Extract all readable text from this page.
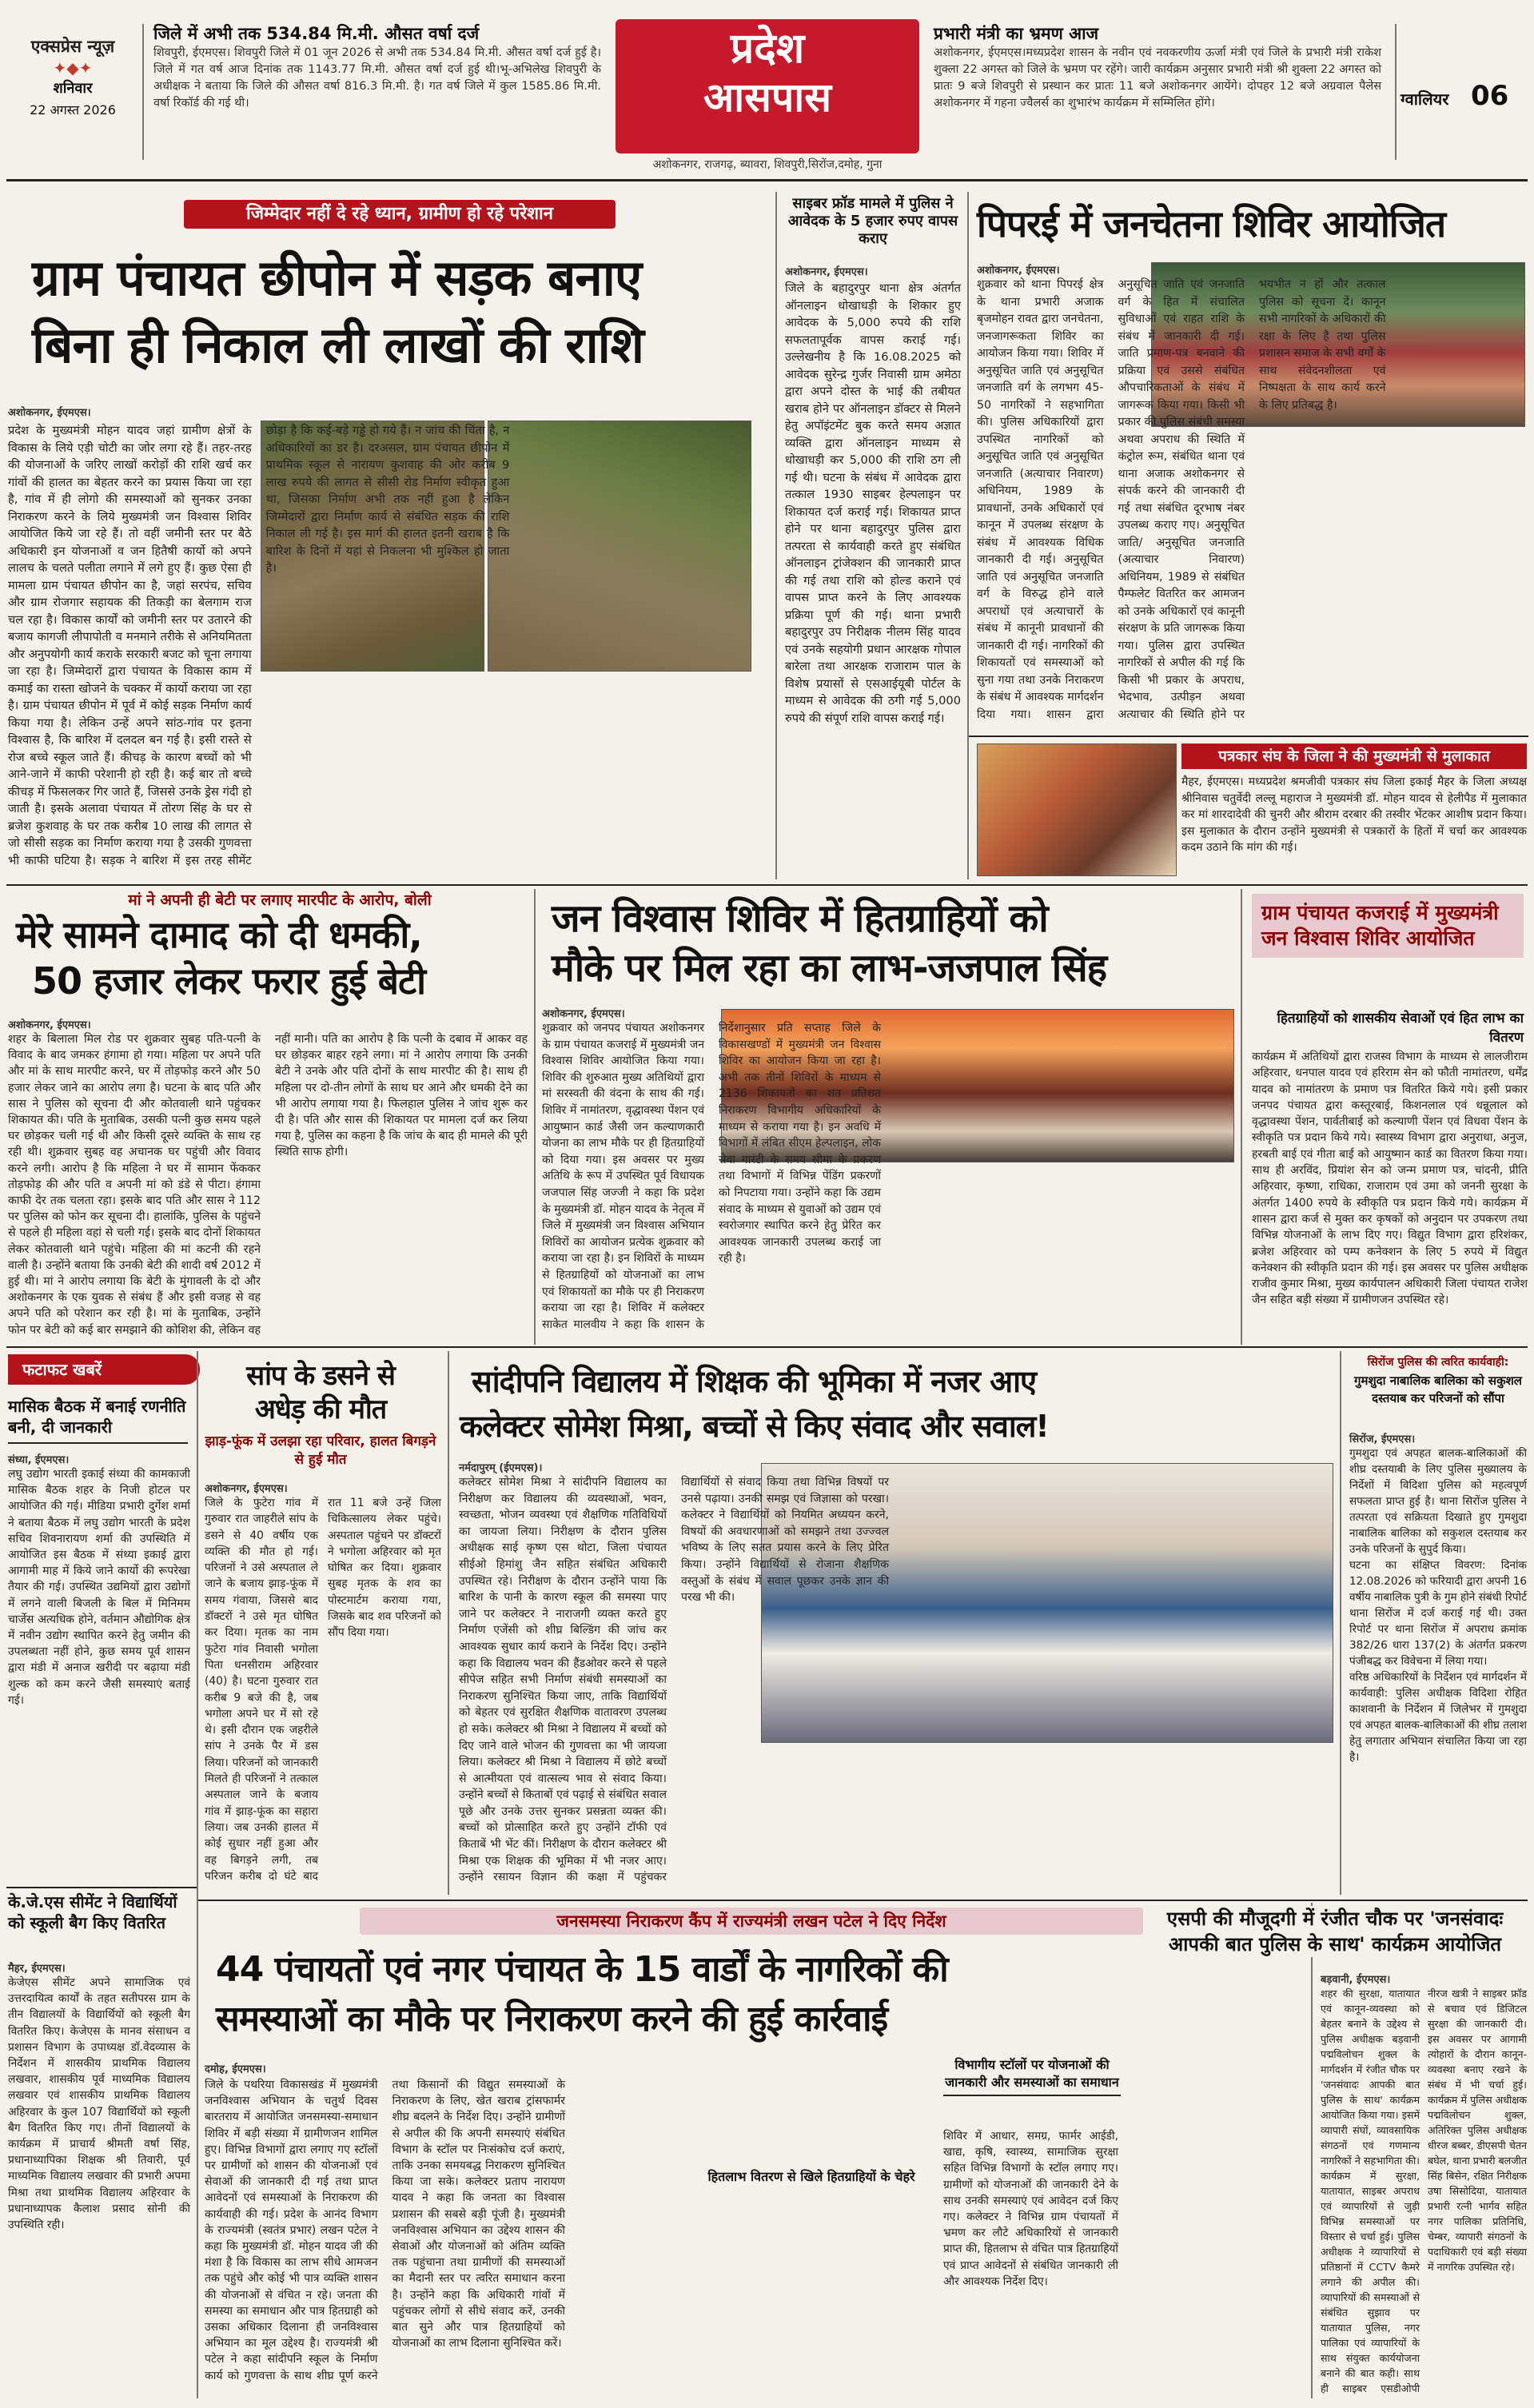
एक्सप्रेस न्यूज़
✦◆✦
शनिवार
22 अगस्त 2026
जिले में अभी तक 534.84 मि.मी. औसत वर्षा दर्ज

शिवपुरी, ईएमएस। शिवपुरी जिले में 01 जून 2026 से अभी तक 534.84 मि.मी. औसत वर्षा दर्ज हुई है। जिले में गत वर्ष आज दिनांक तक 1143.77 मि.मी. औसत वर्षा दर्ज हुई थी।भू-अभिलेख शिवपुरी के अधीक्षक ने बताया कि जिले की औसत वर्षा 816.3 मि.मी. है। गत वर्ष जिले में कुल 1585.86 मि.मी. वर्षा रिकॉर्ड की गई थी।

प्रदेश
आसपास
अशोकनगर, राजगढ़, ब्यावरा, शिवपुरी,सिरोंज,दमोह, गुना
प्रभारी मंत्री का भ्रमण आज

अशोकनगर, ईएमएस।मध्यप्रदेश शासन के नवीन एवं नवकरणीय ऊर्जा मंत्री एवं जिले के प्रभारी मंत्री राकेश शुक्ला 22 अगस्त को जिले के भ्रमण पर रहेंगे। जारी कार्यक्रम अनुसार प्रभारी मंत्री श्री शुक्ला 22 अगस्त को प्रातः 9 बजे शिवपुरी से प्रस्थान कर प्रातः 11 बजे अशोकनगर आयेंगे। दोपहर 12 बजे अग्रवाल पैलेस अशोकनगर में गहना ज्वैलर्स का शुभारंभ कार्यक्रम में सम्मिलित होंगे।	ग्वालियर 06
जिम्मेदार नहीं दे रहे ध्यान, ग्रामीण हो रहे परेशान
ग्राम पंचायत छीपोन में सड़क बनाए
बिना ही निकाल ली लाखों की राशि
अशोकनगर, ईएमएस।

प्रदेश के मुख्यमंत्री मोहन यादव जहां ग्रामीण क्षेत्रों के विकास के लिये एड़ी चोटी का जोर लगा रहे हैं। तहर-तरह की योजनाओं के जरिए लाखों करोड़ों की राशि खर्च कर गांवों की हालत का बेहतर करने का प्रयास किया जा रहा है, गांव में ही लोगो की समस्याओं को सुनकर उनका निराकरण करने के लिये मुख्यमंत्री जन विश्वास शिविर आयोजित किये जा रहे हैं। तो वहीं जमीनी स्तर पर बैठे अधिकारी इन योजनाओं व जन हितैषी कार्यो को अपने लालच के चलते पलीता लगाने में लगे हुए हैं। कुछ ऐसा ही मामला ग्राम पंचायत छीपोन का है, जहां सरपंच, सचिव और ग्राम रोजगार सहायक की तिकड़ी का बेलगाम राज चल रहा है। विकास कार्यों को जमीनी स्तर पर उतारने की बजाय कागजी लीपापोती व मनमाने तरीके से अनियमितता और अनुपयोगी कार्य कराके सरकारी बजट को चूना लगाया जा रहा है। जिम्मेदारों द्वारा पंचायत के विकास काम में कमाई का रास्ता खोजने के चक्कर में कार्यो कराया जा रहा है। ग्राम पंचायत छीपोन में पूर्व में कोई सड़क निर्माण कार्य किया गया है। लेकिन उन्हें अपने सांठ-गांव पर इतना विश्वास है, कि बारिश में दलदल बन गई है। इसी रास्ते से रोज बच्चे स्कूल जाते हैं। कीचड़ के कारण बच्चों को भी आने-जाने में काफी परेशानी हो रही है। कई बार तो बच्चे कीचड़ में फिसलकर गिर जाते हैं, जिससे उनके ड्रेस गंदी हो जाती है। इसके अलावा पंचायत में तोरण सिंह के घर से ब्रजेश कुशवाह के घर तक करीब 10 लाख की लागत से जो सीसी सड़क का निर्माण कराया गया है उसकी गुणवत्ता भी काफी घटिया है। सड़क ने बारिश में इस तरह सीमेंट छोड़ा है कि कई-बड़े गड्ढे हो गये हैं। न जांच की चिंता है, न अधिकारियों का डर है। दरअसल, ग्राम पंचायत छीपोन में प्राथमिक स्कूल से नारायण कुशवाह की ओर करीब 9 लाख रुपये की लागत से सीसी रोड निर्माण स्वीकृत हुआ था, जिसका निर्माण अभी तक नहीं हुआ है लेकिन जिम्मेदारों द्वारा निर्माण कार्य से संबंधित सड़क की राशि निकाल ली गई है। इस मार्ग की हालत इतनी खराब है कि बारिश के दिनों में यहां से निकलना भी मुश्किल हो जाता है।

साइबर फ्रॉड मामले में पुलिस ने आवेदक के 5 हजार रुपए वापस कराए
अशोकनगर, ईएमएस।

जिले के बहादुरपुर थाना क्षेत्र अंतर्गत ऑनलाइन धोखाधड़ी के शिकार हुए आवेदक के 5,000 रुपये की राशि सफलतापूर्वक वापस कराई गई। उल्लेखनीय है कि 16.08.2025 को आवेदक सुरेन्द्र गुर्जर निवासी ग्राम अमेठा द्वारा अपने दोस्त के भाई की तबीयत खराब होने पर ऑनलाइन डॉक्टर से मिलने हेतु अपॉइंटमेंट बुक करते समय अज्ञात व्यक्ति द्वारा ऑनलाइन माध्यम से धोखाधड़ी कर 5,000 की राशि ठग ली गई थी। घटना के संबंध में आवेदक द्वारा तत्काल 1930 साइबर हेल्पलाइन पर शिकायत दर्ज कराई गई। शिकायत प्राप्त होने पर थाना बहादुरपुर पुलिस द्वारा तत्परता से कार्यवाही करते हुए संबंधित ऑनलाइन ट्रांजेक्शन की जानकारी प्राप्त की गई तथा राशि को होल्ड कराने एवं वापस प्राप्त करने के लिए आवश्यक प्रक्रिया पूर्ण की गई। थाना प्रभारी बहादुरपुर उप निरीक्षक नीलम सिंह यादव एवं उनके सहयोगी प्रधान आरक्षक गोपाल बारेला तथा आरक्षक राजाराम पाल के विशेष प्रयासों से एसआईयूबी पोर्टल के माध्यम से आवेदक की ठगी गई 5,000 रुपये की संपूर्ण राशि वापस कराई गई।

पिपरई में जनचेतना शिविर आयोजित
अशोकनगर, ईएमएस।

शुक्रवार को थाना पिपरई क्षेत्र के थाना प्रभारी अजाक बृजमोहन रावत द्वारा जनचेतना, जनजागरूकता शिविर का आयोजन किया गया। शिविर में अनुसूचित जाति एवं अनुसूचित जनजाति वर्ग के लगभग 45-50 नागरिकों ने सहभागिता की। पुलिस अधिकारियों द्वारा उपस्थित नागरिकों को अनुसूचित जाति एवं अनुसूचित जनजाति (अत्याचार निवारण) अधिनियम, 1989 के प्रावधानों, उनके अधिकारों एवं कानून में उपलब्ध संरक्षण के संबंध में आवश्यक विधिक जानकारी दी गई। अनुसूचित जाति एवं अनुसूचित जनजाति वर्ग के विरुद्ध होने वाले अपराधों एवं अत्याचारों के संबंध में कानूनी प्रावधानों की जानकारी दी गई। नागरिकों की शिकायतों एवं समस्याओं को सुना गया तथा उनके निराकरण के संबंध में आवश्यक मार्गदर्शन दिया गया। शासन द्वारा अनुसूचित जाति एवं जनजाति वर्ग के हित में संचालित सुविधाओं एवं राहत राशि के संबंध में जानकारी दी गई। जाति प्रमाण-पत्र बनवाने की प्रक्रिया एवं उससे संबंधित औपचारिकताओं के संबंध में जागरूक किया गया। किसी भी प्रकार की पुलिस संबंधी समस्या अथवा अपराध की स्थिति में कंट्रोल रूम, संबंधित थाना एवं थाना अजाक अशोकनगर से संपर्क करने की जानकारी दी गई तथा संबंधित दूरभाष नंबर उपलब्ध कराए गए। अनुसूचित जाति/ अनुसूचित जनजाति (अत्याचार निवारण) अधिनियम, 1989 से संबंधित पैम्फलेट वितरित कर आमजन को उनके अधिकारों एवं कानूनी संरक्षण के प्रति जागरूक किया गया। पुलिस द्वारा उपस्थित नागरिकों से अपील की गई कि किसी भी प्रकार के अपराध, भेदभाव, उत्पीड़न अथवा अत्याचार की स्थिति होने पर भयभीत न हों और तत्काल पुलिस को सूचना दें। कानून सभी नागरिकों के अधिकारों की रक्षा के लिए है तथा पुलिस प्रशासन समाज के सभी वर्गों के साथ संवेदनशीलता एवं निष्पक्षता के साथ कार्य करने के लिए प्रतिबद्ध है।

पत्रकार संघ के जिला ने की मुख्यमंत्री से मुलाकात

मैहर, ईएमएस। मध्यप्रदेश श्रमजीवी पत्रकार संघ जिला इकाई मैहर के जिला अध्यक्ष श्रीनिवास चतुर्वेदी लल्लू महाराज ने मुख्यमंत्री डॉ. मोहन यादव से हेलीपैड में मुलाकात कर मां शारदादेवी की चुनरी और श्रीराम दरबार की तस्वीर भेंटकर आशीष प्रदान किया। इस मुलाकात के दौरान उन्होंने मुख्यमंत्री से पत्रकारों के हितों में चर्चा कर आवश्यक कदम उठाने कि मांग की गई।

मां ने अपनी ही बेटी पर लगाए मारपीट के आरोप, बोली
मेरे सामने दामाद को दी धमकी,
50 हजार लेकर फरार हुई बेटी
अशोकनगर, ईएमएस।

शहर के बिलाला मिल रोड पर शुक्रवार सुबह पति-पत्नी के विवाद के बाद जमकर हंगामा हो गया। महिला पर अपने पति और मां के साथ मारपीट करने, घर में तोड़फोड़ करने और 50 हजार लेकर जाने का आरोप लगा है। घटना के बाद पति और सास ने पुलिस को सूचना दी और कोतवाली थाने पहुंचकर शिकायत की। पति के मुताबिक, उसकी पत्नी कुछ समय पहले घर छोड़कर चली गई थी और किसी दूसरे व्यक्ति के साथ रह रही थी। शुक्रवार सुबह वह अचानक घर पहुंची और विवाद करने लगी। आरोप है कि महिला ने घर में सामान फेंककर तोड़फोड़ की और पति व अपनी मां को डंडे से पीटा। हंगामा काफी देर तक चलता रहा। इसके बाद पति और सास ने 112 पर पुलिस को फोन कर सूचना दी। हालांकि, पुलिस के पहुंचने से पहले ही महिला वहां से चली गई। इसके बाद दोनों शिकायत लेकर कोतवाली थाने पहुंचे। महिला की मां कटनी की रहने वाली है। उन्होंने बताया कि उनकी बेटी की शादी वर्ष 2012 में हुई थी। मां ने आरोप लगाया कि बेटी के मुंगावली के दो और अशोकनगर के एक युवक से संबंध हैं और इसी वजह से वह अपने पति को परेशान कर रही है। मां के मुताबिक, उन्होंने फोन पर बेटी को कई बार समझाने की कोशिश की, लेकिन वह नहीं मानी। पति का आरोप है कि पत्नी के दबाव में आकर वह घर छोड़कर बाहर रहने लगा। मां ने आरोप लगाया कि उनकी बेटी ने उनके और पति दोनों के साथ मारपीट की है। साथ ही महिला पर दो-तीन लोगों के साथ घर आने और धमकी देने का भी आरोप लगाया गया है। फिलहाल पुलिस ने जांच शुरू कर दी है। पति और सास की शिकायत पर मामला दर्ज कर लिया गया है, पुलिस का कहना है कि जांच के बाद ही मामले की पूरी स्थिति साफ होगी।

जन विश्वास शिविर में हितग्राहियों को
मौके पर मिल रहा का लाभ-जजपाल सिंह
अशोकनगर, ईएमएस।

शुक्रवार को जनपद पंचायत अशोकनगर के ग्राम पंचायत कजराई में मुख्यमंत्री जन विश्वास शिविर आयोजित किया गया। शिविर की शुरुआत मुख्य अतिथियों द्वारा मां सरस्वती की वंदना के साथ की गई। शिविर में नामांतरण, वृद्धावस्था पेंशन एवं आयुष्मान कार्ड जैसी जन कल्याणकारी योजना का लाभ मौके पर ही हितग्राहियों को दिया गया। इस अवसर पर मुख्य अतिथि के रूप में उपस्थित पूर्व विधायक जजपाल सिंह जज्जी ने कहा कि प्रदेश के मुख्यमंत्री डॉ. मोहन यादव के नेतृत्व में जिले में मुख्यमंत्री जन विश्वास अभियान शिविरों का आयोजन प्रत्येक शुक्रवार को कराया जा रहा है। इन शिविरों के माध्यम से हितग्राहियों को योजनाओं का लाभ एवं शिकायतों का मौके पर ही निराकरण कराया जा रहा है। शिविर में कलेक्टर साकेत मालवीय ने कहा कि शासन के निर्देशानुसार प्रति सप्ताह जिले के विकासखण्डों में मुख्यमंत्री जन विश्वास शिविर का आयोजन किया जा रहा है। अभी तक तीनों शिविरों के माध्यम से 2136 शिकायतों का शत प्रतिशत निराकरण विभागीय अधिकारियों के माध्यम से कराया गया है। इन अवधि में विभागों में लंबित सीएम हेल्पलाइन, लोक सेवा गारंटी के समय सीमा के प्रकरण तथा विभागों में विभिन्न पेंडिंग प्रकरणों को निपटाया गया। उन्होंने कहा कि उद्यम संवाद के माध्यम से युवाओं को उद्यम एवं स्वरोजगार स्थापित करने हेतु प्रेरित कर आवश्यक जानकारी उपलब्ध कराई जा रही है।

ग्राम पंचायत कजराई में मुख्यमंत्री जन विश्वास शिविर आयोजित
हितग्राहियों को शासकीय सेवाओं एवं हित लाभ का वितरण

कार्यक्रम में अतिथियों द्वारा राजस्व विभाग के माध्यम से लालजीराम अहिरवार, धनपाल यादव एवं हरिराम सेन को फौती नामांतरण, धर्मेंद्र यादव को नामांतरण के प्रमाण पत्र वितरित किये गये। इसी प्रकार जनपद पंचायत द्वारा कस्तूरबाई, किशनलाल एवं धन्नूलाल को वृद्धावस्था पेंशन, पार्वतीबाई को कल्याणी पेंशन एवं विधवा पेंशन के स्वीकृति पत्र प्रदान किये गये। स्वास्थ्य विभाग द्वारा अनुराधा, अनुज, हरबती बाई एवं गीता बाई को आयुष्मान कार्ड का वितरण किया गया। साथ ही अरविंद, प्रियांश सेन को जन्म प्रमाण पत्र, चांदनी, प्रीति अहिरवार, कृष्णा, राधिका, राजाराम एवं उमा को जननी सुरक्षा के अंतर्गत 1400 रुपये के स्वीकृति पत्र प्रदान किये गये। कार्यक्रम में शासन द्वारा कर्ज से मुक्त कर कृषकों को अनुदान पर उपकरण तथा विभिन्न योजनाओं के लाभ दिए गए। विद्युत विभाग द्वारा हरिशंकर, ब्रजेश अहिरवार को पम्प कनेक्शन के लिए 5 रुपये में विद्युत कनेक्शन की स्वीकृति प्रदान की गई। इस अवसर पर पुलिस अधीक्षक राजीव कुमार मिश्रा, मुख्य कार्यपालन अधिकारी जिला पंचायत राजेश जैन सहित बड़ी संख्या में ग्रामीणजन उपस्थित रहे।

फटाफट खबरें
मासिक बैठक में बनाई रणनीति बनी, दी जानकारी
संध्या, ईएमएस।

लघु उद्योग भारती इकाई संध्या की कामकाजी मासिक बैठक शहर के निजी होटल पर आयोजित की गई। मीडिया प्रभारी दुर्गेश शर्मा ने बताया बैठक में लघु उद्योग भारती के प्रदेश सचिव शिवनारायण शर्मा की उपस्थिति में आयोजित इस बैठक में संध्या इकाई द्वारा आगामी माह में किये जाने कार्यो की रूपरेखा तैयार की गई। उपस्थित उद्यमियों द्वारा उद्योगों में लगने वाली बिजली के बिल में मिनिमम चार्जेस अत्यधिक होने, वर्तमान औद्योगिक क्षेत्र में नवीन उद्योग स्थापित करने हेतु जमीन की उपलब्धता नहीं होने, कुछ समय पूर्व शासन द्वारा मंडी में अनाज खरीदी पर बढ़ाया मंडी शुल्क को कम करने जैसी समस्याएं बताई गई।

सांप के डसने से
अधेड़ की मौत
झाड़-फूंक में उलझा रहा परिवार, हालत बिगड़ने से हुई मौत
अशोकनगर, ईएमएस।

जिले के फुटेरा गांव में गुरुवार रात जाहरीले सांप के डसने से 40 वर्षीय एक व्यक्ति की मौत हो गई। परिजनों ने उसे अस्पताल ले जाने के बजाय झाड़-फूंक में समय गंवाया, जिससे बाद डॉक्टरों ने उसे मृत घोषित कर दिया। मृतक का नाम फुटेरा गांव निवासी भगोला पिता धनसीराम अहिरवार (40) है। घटना गुरुवार रात करीब 9 बजे की है, जब भगोला अपने घर में सो रहे थे। इसी दौरान एक जहरीले सांप ने उनके पैर में डस लिया। परिजनों को जानकारी मिलते ही परिजनों ने तत्काल अस्पताल जाने के बजाय गांव में झाड़-फूंक का सहारा लिया। जब उनकी हालत में कोई सुधार नहीं हुआ और वह बिगड़ने लगी, तब परिजन करीब दो घंटे बाद रात 11 बजे उन्हें जिला चिकित्सालय लेकर पहुंचे। अस्पताल पहुंचने पर डॉक्टरों ने भगोला अहिरवार को मृत घोषित कर दिया। शुक्रवार सुबह मृतक के शव का पोस्टमार्टम कराया गया, जिसके बाद शव परिजनों को सौंप दिया गया।

सांदीपनि विद्यालय में शिक्षक की भूमिका में नजर आए
कलेक्टर सोमेश मिश्रा, बच्चों से किए संवाद और सवाल!
नर्मदापुरम् (ईएमएस)।

कलेक्टर सोमेश मिश्रा ने सांदीपनि विद्यालय का निरीक्षण कर विद्यालय की व्यवस्थाओं, भवन, स्वच्छता, भोजन व्यवस्था एवं शैक्षणिक गतिविधियों का जायजा लिया। निरीक्षण के दौरान पुलिस अधीक्षक साई कृष्ण एस थोटा, जिला पंचायत सीईओ हिमांशु जैन सहित संबंधित अधिकारी उपस्थित रहे। निरीक्षण के दौरान उन्होंने पाया कि बारिश के पानी के कारण स्कूल की समस्या पाए जाने पर कलेक्टर ने नाराजगी व्यक्त करते हुए निर्माण एजेंसी को शीघ्र बिल्डिंग की जांच कर आवश्यक सुधार कार्य कराने के निर्देश दिए। उन्होंने कहा कि विद्यालय भवन की हैंडओवर करने से पहले सीपेज सहित सभी निर्माण संबंधी समस्याओं का निराकरण सुनिश्चित किया जाए, ताकि विद्यार्थियों को बेहतर एवं सुरक्षित शैक्षणिक वातावरण उपलब्ध हो सके। कलेक्टर श्री मिश्रा ने विद्यालय में बच्चों को दिए जाने वाले भोजन की गुणवत्ता का भी जायजा लिया। कलेक्टर श्री मिश्रा ने विद्यालय में छोटे बच्चों से आत्मीयता एवं वात्सल्य भाव से संवाद किया। उन्होंने बच्चों से किताबों एवं पढ़ाई से संबंधित सवाल पूछे और उनके उत्तर सुनकर प्रसन्नता व्यक्त की। बच्चों को प्रोत्साहित करते हुए उन्होंने टॉफी एवं किताबें भी भेंट कीं। निरीक्षण के दौरान कलेक्टर श्री मिश्रा एक शिक्षक की भूमिका में भी नजर आए। उन्होंने रसायन विज्ञान की कक्षा में पहुंचकर विद्यार्थियों से संवाद किया तथा विभिन्न विषयों पर उनसे पढ़ाया। उनकी समझ एवं जिज्ञासा को परखा। कलेक्टर ने विद्यार्थियों को नियमित अध्ययन करने, विषयों की अवधारणाओं को समझने तथा उज्ज्वल भविष्य के लिए सतत प्रयास करने के लिए प्रेरित किया। उन्होंने विद्यार्थियों से रोजाना शैक्षणिक वस्तुओं के संबंध में सवाल पूछकर उनके ज्ञान की परख भी की।

सिरोंज पुलिस की त्वरित कार्यवाही:
गुमशुदा नाबालिक बालिका को सकुशल दस्तयाब कर परिजनों को सौंपा
सिरोंज, ईएमएस।

गुमशुदा एवं अपहत बालक-बालिकाओं की शीघ्र दस्तयाबी के लिए पुलिस मुख्यालय के निर्देशों में विदिशा पुलिस को महत्वपूर्ण सफलता प्राप्त हुई है। थाना सिरोंज पुलिस ने तत्परता एवं सक्रियता दिखाते हुए गुमशुदा नाबालिक बालिका को सकुशल दस्तयाब कर उनके परिजनों के सुपुर्द किया।
घटना का संक्षिप्त विवरण: दिनांक 12.08.2026 को फरियादी द्वारा अपनी 16 वर्षीय नाबालिक पुत्री के गुम होने संबंधी रिपोर्ट थाना सिरोंज में दर्ज कराई गई थी। उक्त रिपोर्ट पर थाना सिरोंज में अपराध क्रमांक 382/26 धारा 137(2) के अंतर्गत प्रकरण पंजीबद्ध कर विवेचना में लिया गया।
वरिष्ठ अधिकारियों के निर्देशन एवं मार्गदर्शन में कार्यवाही: पुलिस अधीक्षक विदिशा रोहित काशवानी के निर्देशन में जिलेभर में गुमशुदा एवं अपहत बालक-बालिकाओं की शीघ्र तलाश हेतु लगातार अभियान संचालित किया जा रहा है।

के.जे.एस सीमेंट ने विद्यार्थियों को स्कूली बैग किए वितरित
मैहर, ईएमएस।

केजेएस सीमेंट अपने सामाजिक एवं उत्तरदायित्व कार्यों के तहत सतीपरस ग्राम के तीन विद्यालयों के विद्यार्थियों को स्कूली बैग वितरित किए। केजेएस के मानव संसाधन व प्रशासन विभाग के उपाध्यक्ष डॉ.वेदव्यास के निर्देशन में शासकीय प्राथमिक विद्यालय लखवार, शासकीय पूर्व माध्यमिक विद्यालय लखवार एवं शासकीय प्राथमिक विद्यालय अहिरवार के कुल 107 विद्यार्थियों को स्कूली बैग वितरित किए गए। तीनों विद्यालयों के कार्यक्रम में प्राचार्य श्रीमती वर्षा सिंह, प्रधानाध्यापिका शिक्षक श्री तिवारी, पूर्व माध्यमिक विद्यालय लखवार की प्रभारी अपमा मिश्रा तथा प्राथमिक विद्यालय अहिरवार के प्रधानाध्यापक कैलाश प्रसाद सोनी की उपस्थिति रही।

जनसमस्या निराकरण कैंप में राज्यमंत्री लखन पटेल ने दिए निर्देश
44 पंचायतों एवं नगर पंचायत के 15 वार्डों के नागरिकों की
समस्याओं का मौके पर निराकरण करने की हुई कार्रवाई
दमोह, ईएमएस।

जिले के पथरिया विकासखंड में मुख्यमंत्री जनविश्वास अभियान के चतुर्थ दिवस बारतराय में आयोजित जनसमस्या-समाधान शिविर में बड़ी संख्या में ग्रामीणजन शामिल हुए। विभिन्न विभागों द्वारा लगाए गए स्टॉलों पर ग्रामीणों को शासन की योजनाओं एवं सेवाओं की जानकारी दी गई तथा प्राप्त आवेदनों एवं समस्याओं के निराकरण की कार्यवाही की गई। प्रदेश के आनंद विभाग के राज्यमंत्री (स्वतंत्र प्रभार) लखन पटेल ने कहा कि मुख्यमंत्री डॉ. मोहन यादव जी की मंशा है कि विकास का लाभ सीधे आमजन तक पहुंचे और कोई भी पात्र व्यक्ति शासन की योजनाओं से वंचित न रहे। जनता की समस्या का समाधान और पात्र हितग्राही को उसका अधिकार दिलाना ही जनविश्वास अभियान का मूल उद्देश्य है। राज्यमंत्री श्री पटेल ने कहा सांदीपनि स्कूल के निर्माण कार्य को गुणवत्ता के साथ शीघ्र पूर्ण करने तथा किसानों की विद्युत समस्याओं के निराकरण के लिए, खेत खराब ट्रांसफार्मर शीघ्र बदलने के निर्देश दिए। उन्होंने ग्रामीणों से अपील की कि अपनी समस्याएं संबंधित विभाग के स्टॉल पर निःसंकोच दर्ज कराएं, ताकि उनका समयबद्ध निराकरण सुनिश्चित किया जा सके। कलेक्टर प्रताप नारायण यादव ने कहा कि जनता का विश्वास प्रशासन की सबसे बड़ी पूंजी है। मुख्यमंत्री जनविश्वास अभियान का उद्देश्य शासन की सेवाओं और योजनाओं को अंतिम व्यक्ति तक पहुंचाना तथा ग्रामीणों की समस्याओं का मैदानी स्तर पर त्वरित समाधान करना है। उन्होंने कहा कि अधिकारी गांवों में पहुंचकर लोगों से सीधे संवाद करें, उनकी बात सुने और पात्र हितग्राहियों को योजनाओं का लाभ दिलाना सुनिश्चित करें।

विभागीय स्टॉलों पर योजनाओं की जानकारी और समस्याओं का समाधान

शिविर में आधार, समग्र, फार्मर आईडी, खाद्य, कृषि, स्वास्थ्य, सामाजिक सुरक्षा सहित विभिन्न विभागों के स्टॉल लगाए गए। ग्रामीणों को योजनाओं की जानकारी देने के साथ उनकी समस्याएं एवं आवेदन दर्ज किए गए। कलेक्टर ने विभिन्न ग्राम पंचायतों में भ्रमण कर लौटे अधिकारियों से जानकारी प्राप्त की, हितलाभ से वंचित पात्र हितग्राहियों एवं प्राप्त आवेदनों से संबंधित जानकारी ली और आवश्यक निर्देश दिए।

हितलाभ वितरण से खिले हितग्राहियों के चेहरे
एसपी की मौजूदगी में रंजीत चौक पर 'जनसंवादः आपकी बात पुलिस के साथ' कार्यक्रम आयोजित
बड़वानी, ईएमएस।

शहर की सुरक्षा, यातायात एवं कानून-व्यवस्था को बेहतर बनाने के उद्देश्य से पुलिस अधीक्षक बड़वानी पद्मविलोचन शुक्ल के मार्गदर्शन में रंजीत चौक पर 'जनसंवादः आपकी बात पुलिस के साथ' कार्यक्रम आयोजित किया गया। इसमें व्यापारी संघों, व्यावसायिक संगठनों एवं गणमान्य नागरिकों ने सहभागिता की। कार्यक्रम में सुरक्षा, यातायात, साइबर अपराध एवं व्यापारियों से जुड़ी विभिन्न समस्याओं पर विस्तार से चर्चा हुई। पुलिस अधीक्षक ने व्यापारियों से प्रतिष्ठानों में CCTV कैमरे लगाने की अपील की। व्यापारियों की समस्याओं से संबंधित सुझाव पर यातायात पुलिस, नगर पालिका एवं व्यापारियों के साथ संयुक्त कार्ययोजना बनाने की बात कही। साथ ही साइबर एसडीओपी नीरज खत्री ने साइबर फ्रॉड से बचाव एवं डिजिटल सुरक्षा की जानकारी दी। इस अवसर पर आगामी त्योहारों के दौरान कानून-व्यवस्था बनाए रखने के संबंध में भी चर्चा हुई। कार्यक्रम में पुलिस अधीक्षक पद्मविलोचन शुक्ल, अतिरिक्त पुलिस अधीक्षक धीरज बब्बर, डीएसपी चेतन बघेल, थाना प्रभारी बलजीत सिंह बिसेन, रक्षित निरीक्षक उषा सिसोदिया, यातायात प्रभारी रत्नी भार्गव सहित नगर पालिका प्रतिनिधि, चेम्बर, व्यापारी संगठनों के पदाधिकारी एवं बड़ी संख्या में नागरिक उपस्थित रहे।
